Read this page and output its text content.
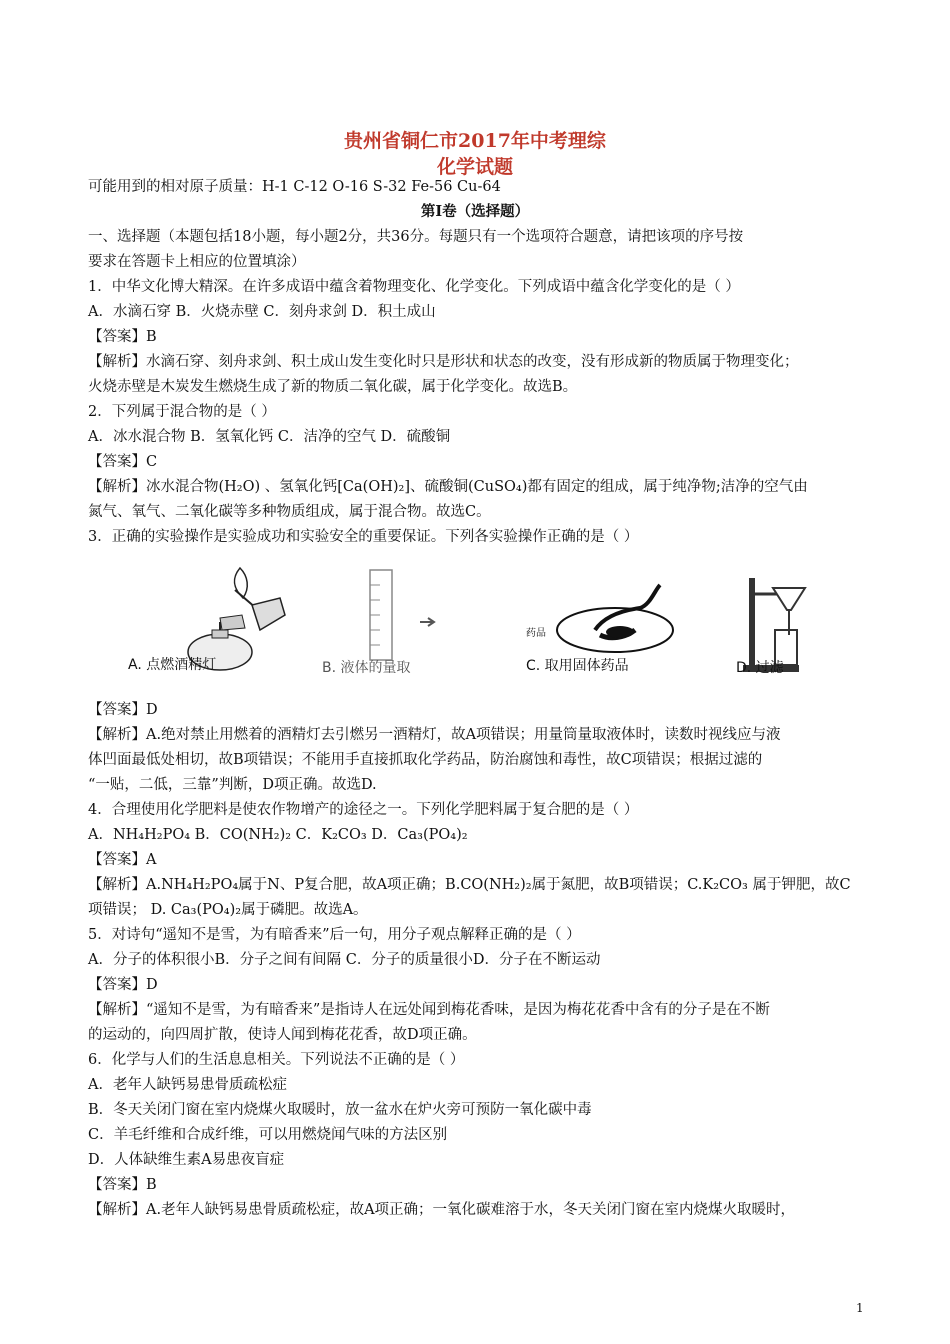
贵州省铜仁市2017年中考理综
化学试题
可能用到的相对原子质量：H-1 C-12 O-16 S-32 Fe-56 Cu-64
第Ⅰ卷（选择题）
一、选择题（本题包括18小题，每小题2分，共36分。每题只有一个选项符合题意，请把该项的序号按
要求在答题卡上相应的位置填涂）
1．中华文化博大精深。在许多成语中蕴含着物理变化、化学变化。下列成语中蕴含化学变化的是（ ）
A．水滴石穿 B．火烧赤壁 C．刻舟求剑 D．积土成山
【答案】B
【解析】水滴石穿、刻舟求剑、积土成山发生变化时只是形状和状态的改变，没有形成新的物质属于物理变化；
火烧赤壁是木炭发生燃烧生成了新的物质二氧化碳，属于化学变化。故选B。
2．下列属于混合物的是（ ）
A．冰水混合物 B．氢氧化钙 C．洁净的空气 D．硫酸铜
【答案】C
【解析】冰水混合物(H₂O) 、氢氧化钙[Ca(OH)₂]、硫酸铜(CuSO₄)都有固定的组成，属于纯净物;洁净的空气由
氮气、氧气、二氧化碳等多种物质组成，属于混合物。故选C。
3．正确的实验操作是实验成功和实验安全的重要保证。下列各实验操作正确的是（ ）
A. 点燃酒精灯	B. 液体的量取
药品
C. 取用固体药品	D. 过滤
【答案】D
【解析】A.绝对禁止用燃着的酒精灯去引燃另一酒精灯，故A项错误；用量筒量取液体时，读数时视线应与液
体凹面最低处相切，故B项错误；不能用手直接抓取化学药品，防治腐蚀和毒性，故C项错误；根据过滤的
“一贴，二低，三靠”判断，D项正确。故选D.
4．合理使用化学肥料是使农作物增产的途径之一。下列化学肥料属于复合肥的是（ ）
A．NH₄H₂PO₄ B．CO(NH₂)₂ C．K₂CO₃ D．Ca₃(PO₄)₂
【答案】A
【解析】A.NH₄H₂PO₄属于N、P复合肥，故A项正确；B.CO(NH₂)₂属于氮肥，故B项错误；C.K₂CO₃ 属于钾肥，故C
项错误； D. Ca₃(PO₄)₂属于磷肥。故选A。
5．对诗句“遥知不是雪，为有暗香来”后一句，用分子观点解释正确的是（ ）
A．分子的体积很小B．分子之间有间隔 C．分子的质量很小D．分子在不断运动
【答案】D
【解析】“遥知不是雪，为有暗香来”是指诗人在远处闻到梅花香味，是因为梅花花香中含有的分子是在不断
的运动的，向四周扩散，使诗人闻到梅花花香，故D项正确。
6．化学与人们的生活息息相关。下列说法不正确的是（ ）
A．老年人缺钙易患骨质疏松症
B．冬天关闭门窗在室内烧煤火取暖时，放一盆水在炉火旁可预防一氧化碳中毒
C．羊毛纤维和合成纤维，可以用燃烧闻气味的方法区别
D．人体缺维生素A易患夜盲症
【答案】B
【解析】A.老年人缺钙易患骨质疏松症，故A项正确；一氧化碳难溶于水，冬天关闭门窗在室内烧煤火取暖时，
1
